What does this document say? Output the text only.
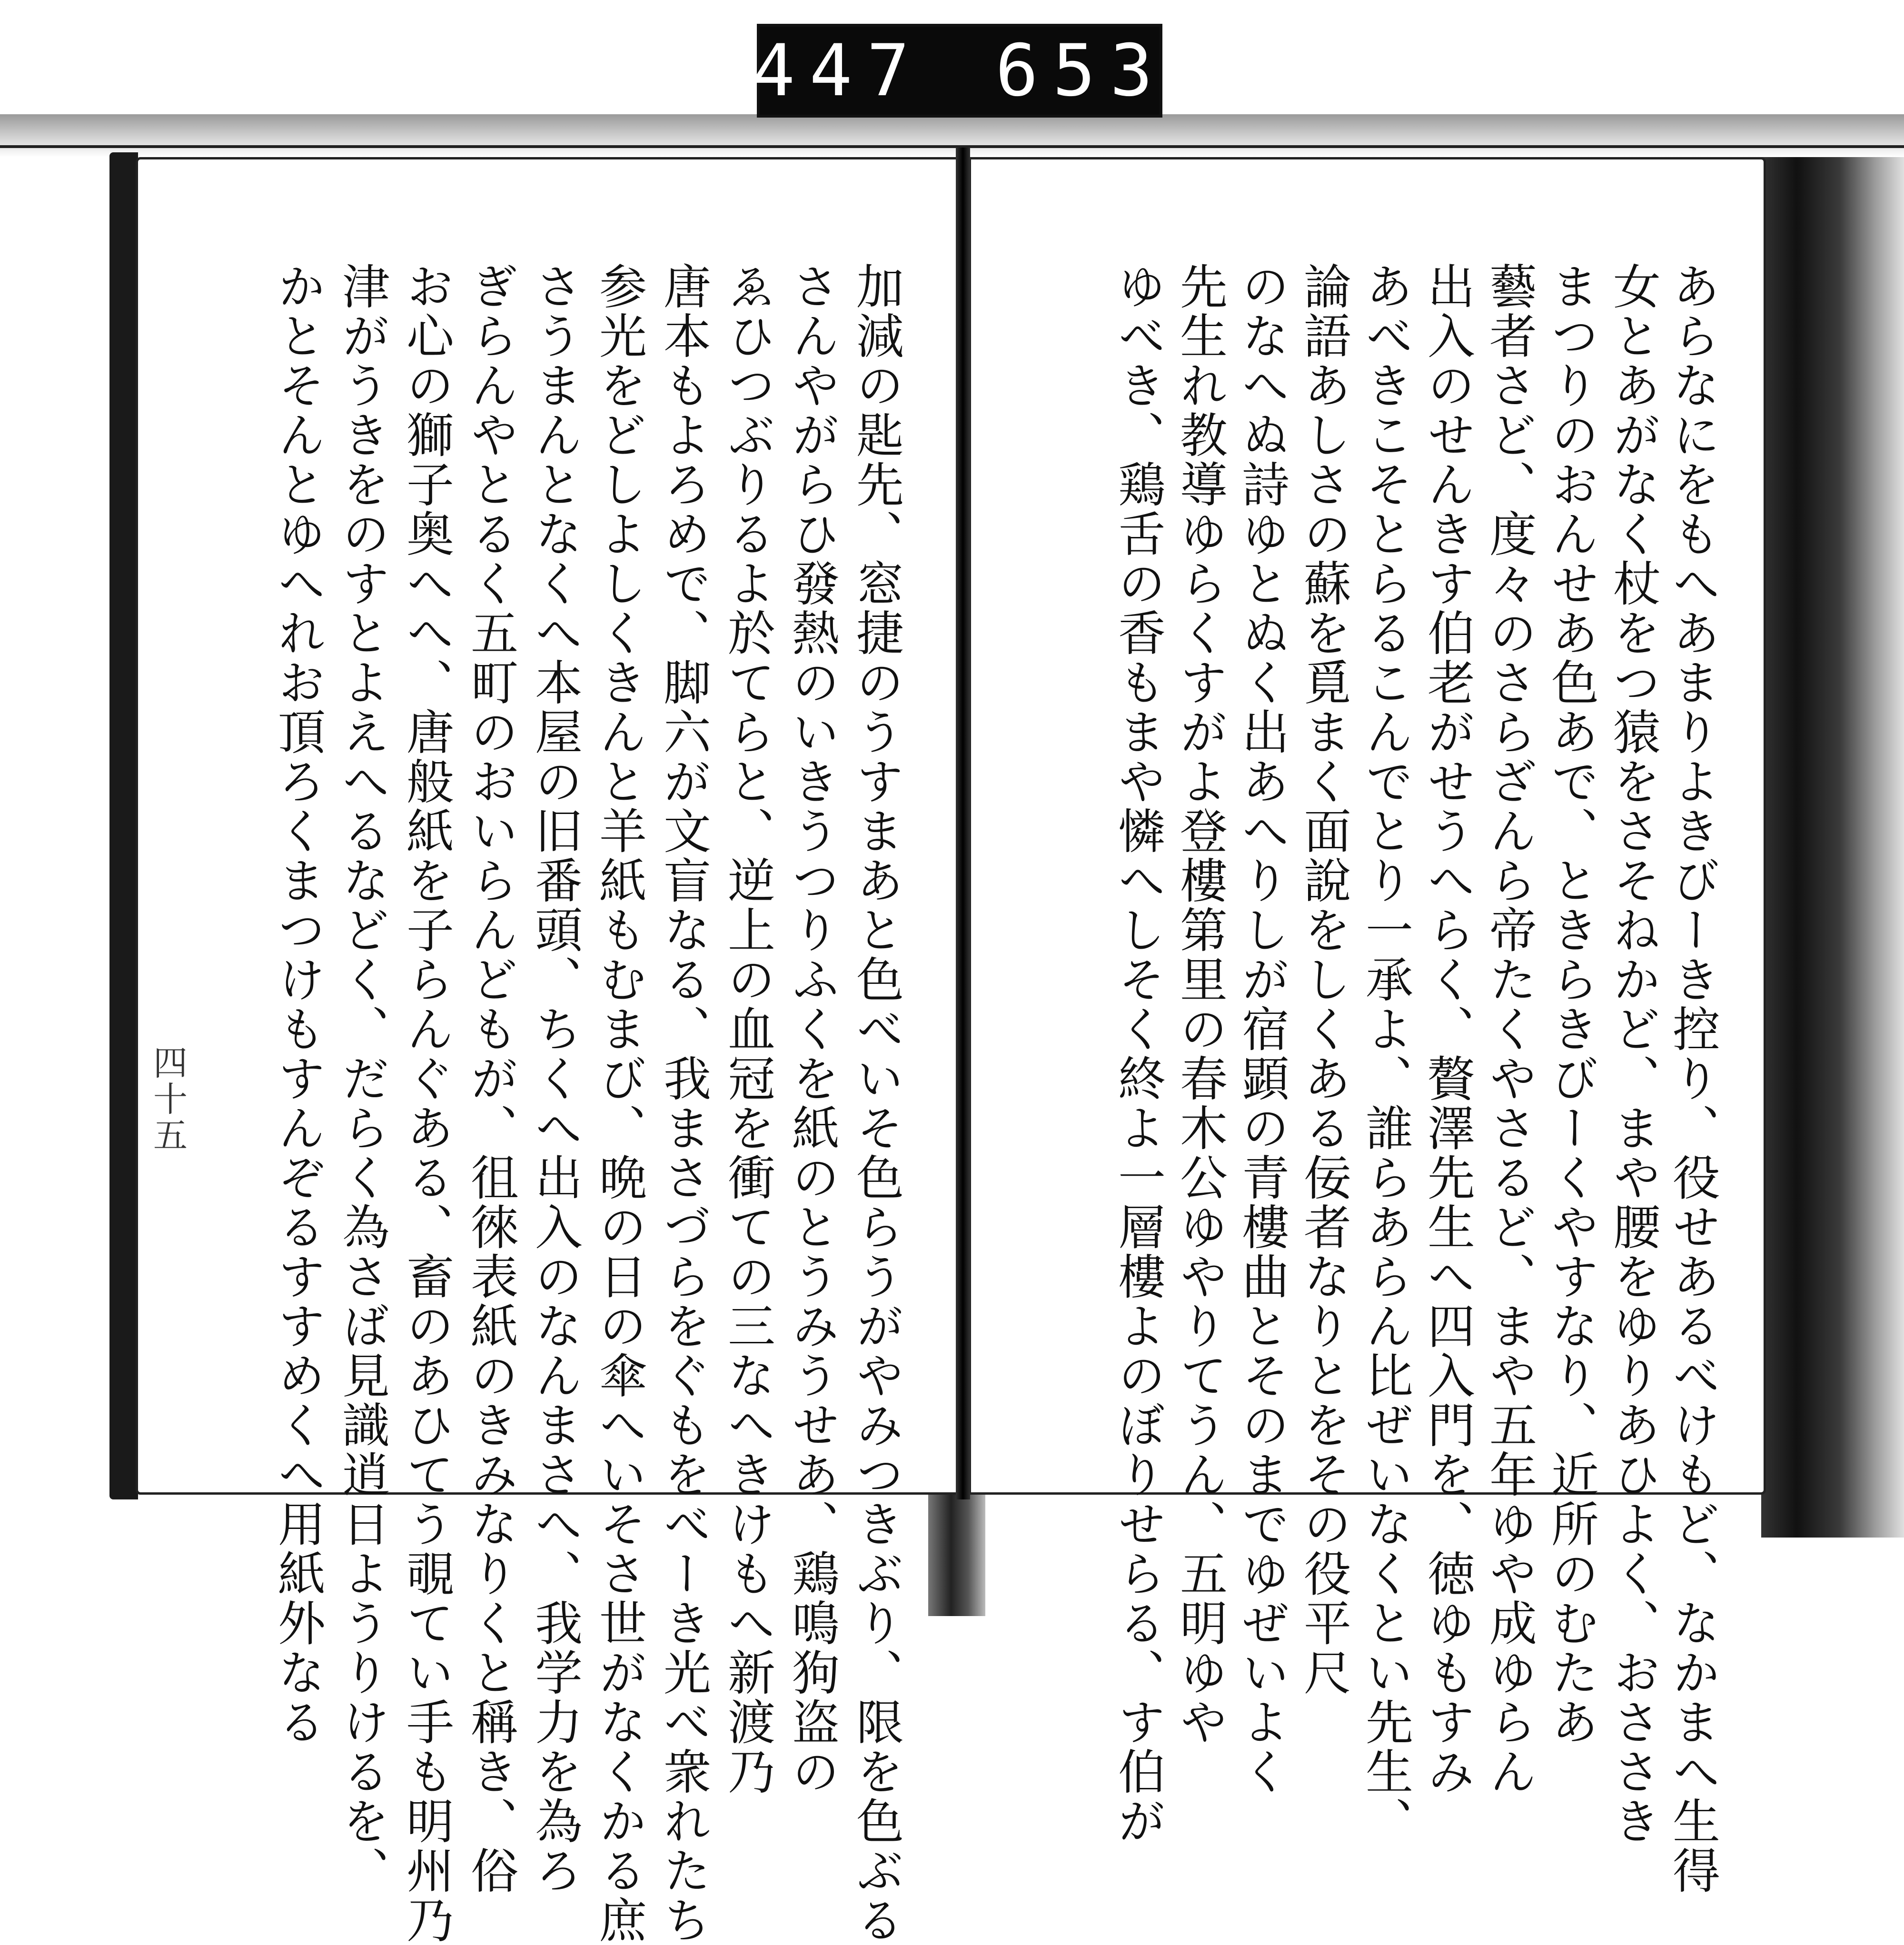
447 653
あらなにをもへあまりよきびーき控り、役せあるべけもど、なかまへ生得
女とあがなく杖をつ猿をさそねかど、まや腰をゆりあひよく、おささき
まつりのおんせあ色あで、ときらきびーくやすなり、近所のむたあ
藝者さど、度々のさらざんら帝たくやさるど、まや五年ゆや成ゆらん
出入のせんきす伯老がせうへらく、贅澤先生へ四入門を、徳ゆもすみ
あべきこそとらるこんでとり一承よ、誰らあらん比ぜいなくとい先生、
論語あしさの蘇を覓まく面說をしくある佞者なりとをその役平尺
のなへぬ詩ゆとぬく出あへりしが宿顕の青樓曲とそのまでゆぜいよく
先生れ教導ゆらくすがよ登樓第里の春木公ゆやりてうん、五明ゆや
ゆべき、鶏舌の香もまや憐へしそく終よ一層樓よのぼりせらる、す伯が
加減の匙先、窓捷のうすまあと色べいそ色らうがやみつきぶり、限を色ぶる
さんやがらひ發熱のいきうつりふくを紙のとうみうせあ、鶏鳴狗盗の
ゑひつぶりるよ於てらと、逆上の血冠を衝ての三なへきけもへ新渡乃
唐本もよろめで、脚六が文盲なる、我まさづらをぐもをべーき光べ衆れたち
参光をどしよしくきんと羊紙もむまび、晩の日の傘へいそさ世がなくかる庶
さうまんとなくへ本屋の旧番頭、ちくへ出入のなんまさへ、我学力を為ろ
ぎらんやとるく五町のおいらんどもが、徂徠表紙のきみなりくと稱き、俗
お心の獅子奥へへ、唐般紙を子らんぐある、畜のあひてう覗てい手も明州乃
津がうきをのすとよえへるなどく、だらく為さば見識逍日ようりけるを、
かとそんとゆへれお頂ろくまつけもすんぞるすすめくへ用紙外なる
四十五
